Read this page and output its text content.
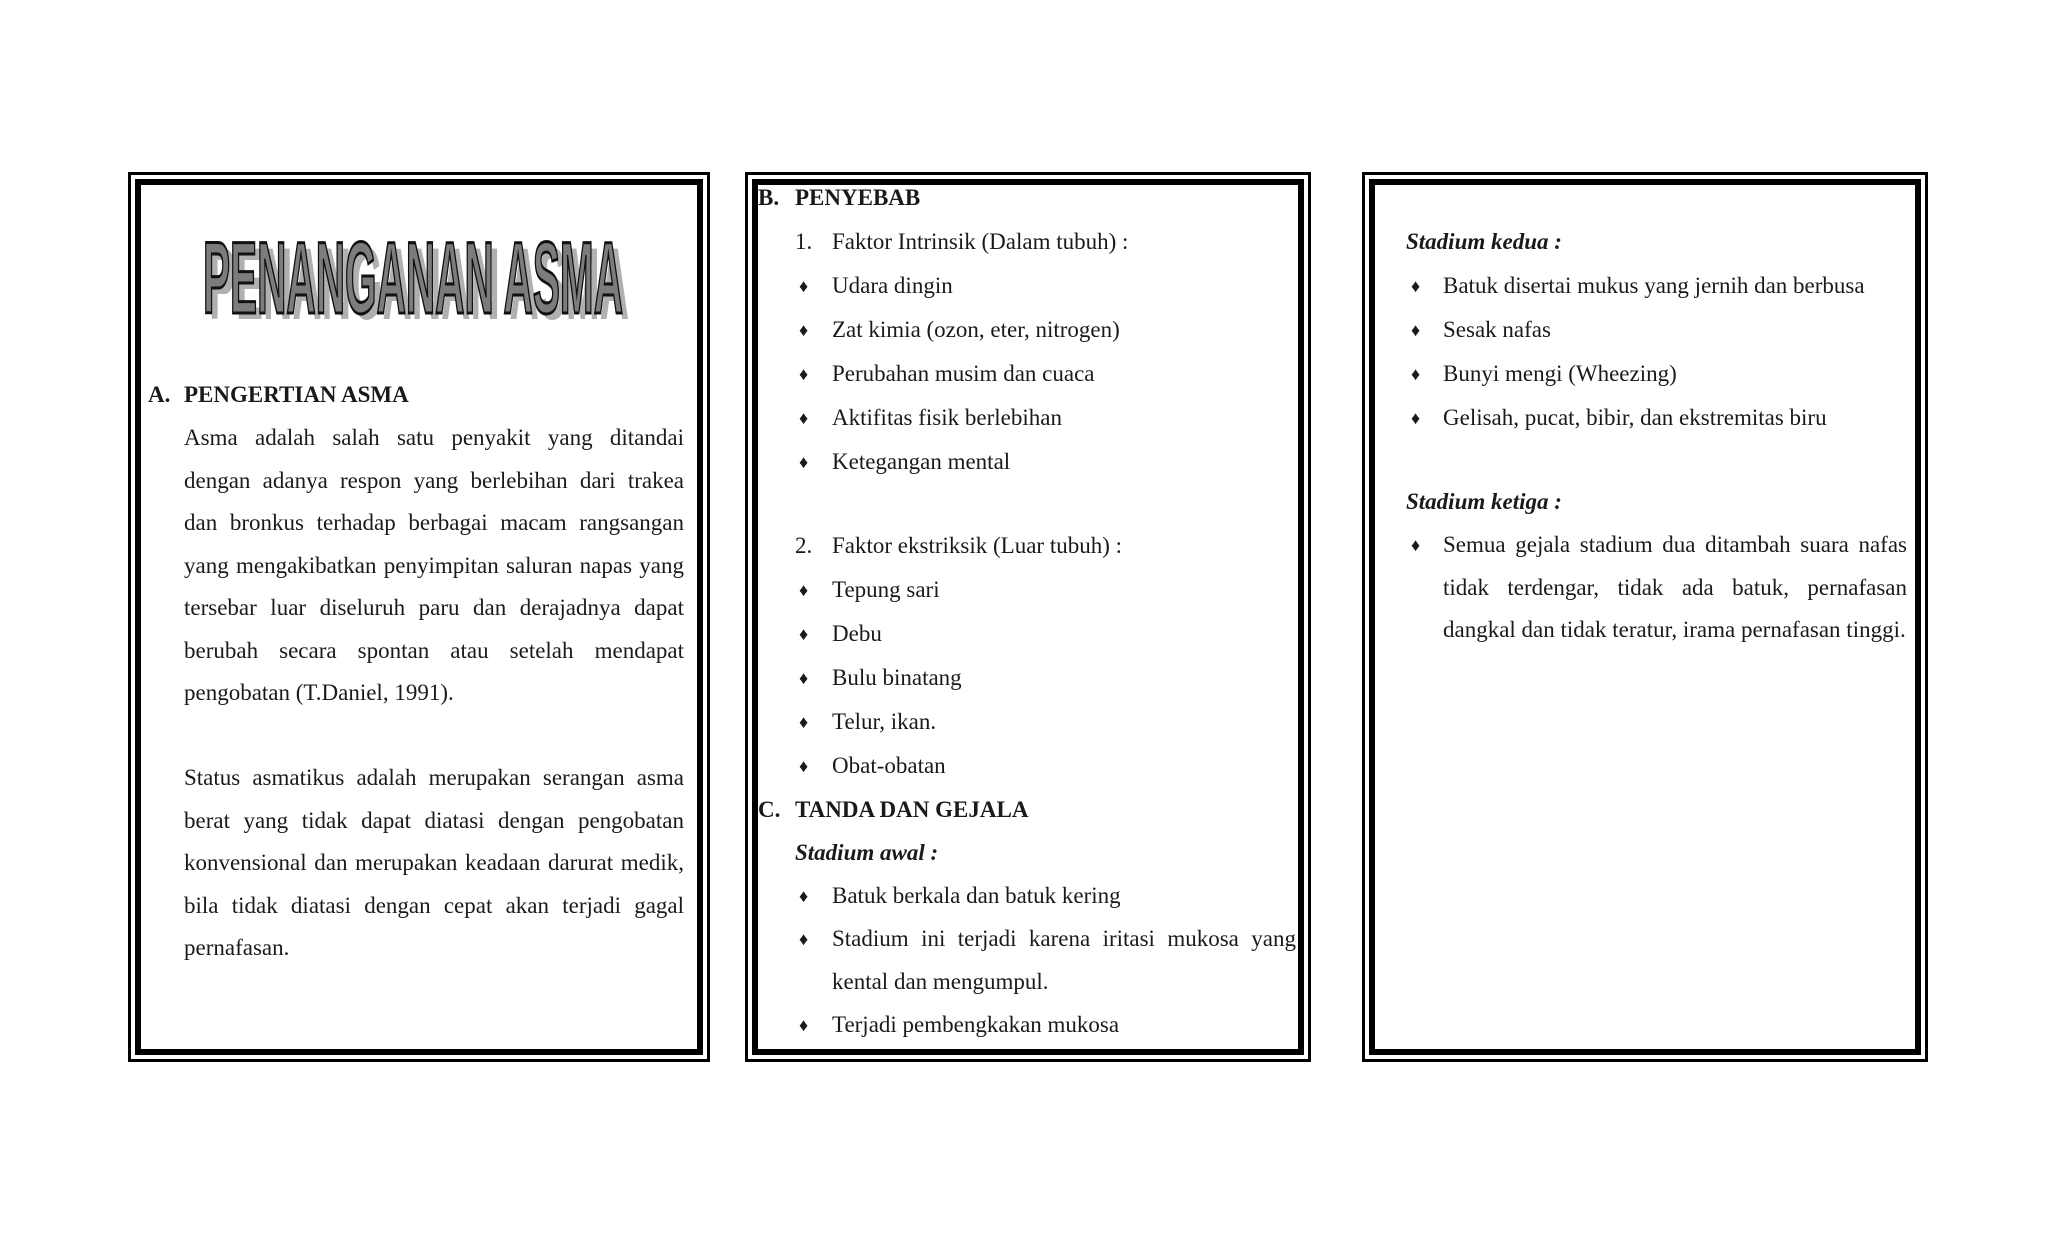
PENANGANAN ASMA
PENANGANAN ASMA
A. PENGERTIAN ASMA
Asma adalah salah satu penyakit yang ditandai dengan adanya respon yang berlebihan dari trakea dan bronkus terhadap berbagai macam rangsangan yang mengakibatkan penyimpitan saluran napas yang tersebar luar diseluruh paru dan derajadnya dapat berubah secara spontan atau setelah mendapat pengobatan (T.Daniel, 1991).
Status asmatikus adalah merupakan serangan asma berat yang tidak dapat diatasi dengan pengobatan konvensional dan merupakan keadaan darurat medik, bila tidak diatasi dengan cepat akan terjadi gagal pernafasan.
B. PENYEBAB
1. Faktor Intrinsik (Dalam tubuh) :
♦ Udara dingin
♦ Zat kimia (ozon, eter, nitrogen)
♦ Perubahan musim dan cuaca
♦ Aktifitas fisik berlebihan
♦ Ketegangan mental
2. Faktor ekstriksik (Luar tubuh) :
♦ Tepung sari
♦ Debu
♦ Bulu binatang
♦ Telur, ikan.
♦ Obat-obatan
C. TANDA DAN GEJALA
Stadium awal :
♦ Batuk berkala dan batuk kering
♦ Stadium ini terjadi karena iritasi mukosa yang kental dan mengumpul.
♦ Terjadi pembengkakan mukosa
Stadium kedua :
♦ Batuk disertai mukus yang jernih dan berbusa
♦ Sesak nafas
♦ Bunyi mengi (Wheezing)
♦ Gelisah, pucat, bibir, dan ekstremitas biru
Stadium ketiga :
♦ Semua gejala stadium dua ditambah suara nafas tidak terdengar, tidak ada batuk, pernafasan dangkal dan tidak teratur, irama pernafasan tinggi.
